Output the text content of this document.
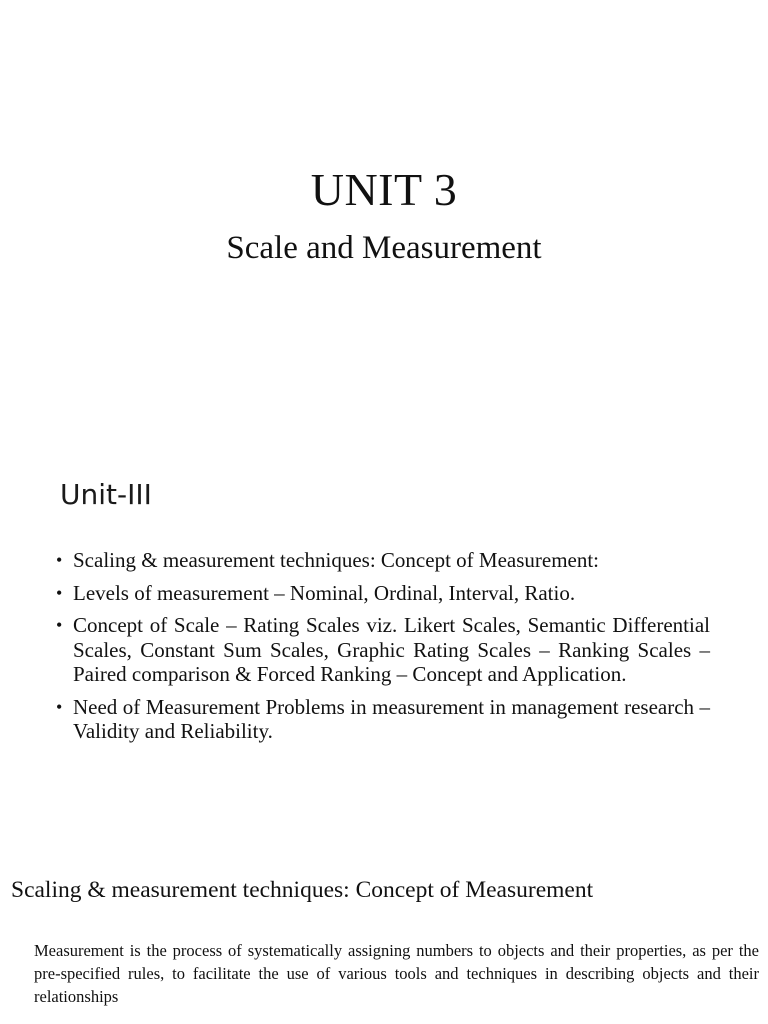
UNIT 3
Scale and Measurement
Unit-III
• Scaling & measurement techniques: Concept of Measurement:
• Levels of measurement – Nominal, Ordinal, Interval, Ratio.
• Concept of Scale – Rating Scales viz. Likert Scales, Semantic Differential Scales, Constant Sum Scales, Graphic Rating Scales – Ranking Scales – Paired comparison & Forced Ranking – Concept and Application.
• Need of Measurement Problems in measurement in management research – Validity and Reliability.
Scaling & measurement techniques: Concept of Measurement

Measurement is the process of systematically assigning numbers to objects and their properties, as per the pre-specified rules, to facilitate the use of various tools and techniques in describing objects and their relationships
